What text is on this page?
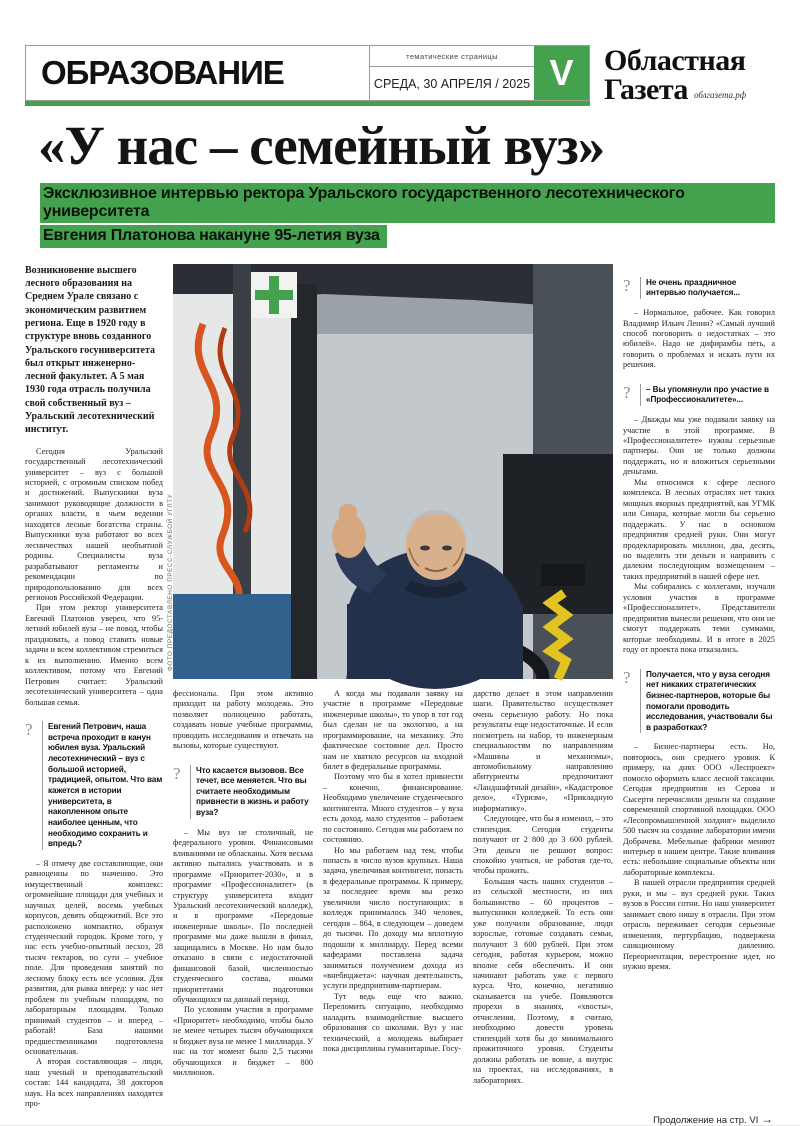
ОБРАЗОВАНИЕ	тематические страницы
СРЕДА, 30 АПРЕЛЯ / 2025 V	Областная
Газета облгазета.рф
«У нас – семейный вуз»
Эксклюзивное интервью ректора Уральского государственного лесотехнического университета
Евгения Платонова накануне 95-летия вуза

Возникновение высшего лесного образования на Среднем Урале связано с экономическим развитием региона. Еще в 1920 году в структуре вновь созданного Уральского госуниверситета был открыт инженерно-лесной факультет. А 5 мая 1930 года отрасль получила свой собственный вуз – Уральский лесотехнический институт.

Сегодня Уральский государственный лесотехнический университет – вуз с большой историей, с огромным списком побед и достижений. Выпускники вуза занимают руководящие должности в органах власти, в чьем ведении находятся лесные богатства страны. Выпускники вуза работают во всех лесничествах нашей необъятной родины. Специалисты вуза разрабатывают регламенты и рекомендации по природопользованию для всех регионов Российской Федерации.

При этом ректор университета Евгений Платонов уверен, что 95-летний юбилей вуза – не повод, чтобы праздновать, а повод ставить новые задачи и всем коллективом стремиться к их выполнению. Именно всем коллективом, потому что Евгений Петрович считает: Уральский лесотехнический университета – одна большая семья.

?	Евгений Петрович, наша встреча проходит в канун юбилея вуза. Уральский лесотехнический – вуз с большой историей, традицией, опытом. Что вам кажется в истории университета, в накопленном опыте наиболее ценным, что необходимо сохранить и впредь?

– Я отмечу две составляющие, они равноценны по значению. Это имущественный комплекс: огромнейшие площади для учебных и научных целей, восемь учебных корпусов, девять общежитий. Все это расположено компактно, образуя студенческий городок. Кроме того, у нас есть учебно-опытный лесхоз, 28 тысяч гектаров, по сути – учебное поле. Для проведения занятий по лесному блоку есть все условия. Для развития, для рывка вперед: у нас нет проблем по учебным площадям, по лабораторным площадям. Только принимай студентов – и вперед – работай! База нашими предшественниками подготовлена основательная.

А вторая составляющая – люди, наш ученый и преподавательский состав: 144 кандидата, 38 докторов наук. На всех направлениях находятся про-

ФОТО ПРЕДОСТАВЛЕНО ПРЕСС-СЛУЖБОЙ УГЛТУ

фессионалы. При этом активно приходит на работу молодежь. Это позволяет полноценно работать, создавать новые учебные программы, проводить исследования и отвечать на вызовы, которые существуют.

?	Что касается вызовов. Все течет, все меняется. Что вы считаете необходимым привнести в жизнь и работу вуза?

– Мы вуз не столичный, не федерального уровня. Финансовыми вливаниями не обласканы. Хотя весьма активно пытались участвовать и в программе «Приоритет-2030», и в программе «Профессионалитет» (в структуру университета входит Уральский лесотехнический колледж), и в программе «Передовые инженерные школы». По последней программе мы даже вышли в финал, защищались в Москве. Но нам было отказано в связи с недостаточной финансовой базой, численностью студенческого состава, иными приоритетами подготовки обучающихся на данный период.

По условиям участия в программе «Приоритет» необходимо, чтобы было не менее четырех тысяч обучающихся и бюджет вуза не менее 1 миллиарда. У нас на тот момент было 2,5 тысячи обучающихся и бюджет – 800 миллионов.

А когда мы подавали заявку на участие в программе «Передовые инженерные школы», то упор в тот год был сделан не на экологию, а на программирование, на механику. Это фактическое состояние дел. Просто нам не хватило ресурсов на входной билет в федеральные программы.

Поэтому что бы я хотел привнести – конечно, финансирование. Необходимо увеличение студенческого контингента. Много студентов – у вуза есть доход, мало студентов – работаем по состоянию. Сегодня мы работаем по состоянию.

Но мы работаем над тем, чтобы попасть в число вузов крупных. Наша задача, увеличивая контингент, попасть в федеральные программы. К примеру, за последнее время мы резко увеличили число поступающих: в колледж принималось 340 человек, сегодня – 864, в следующем – доведем до тысячи. По доходу мы вплотную подошли к миллиарду. Перед всеми кафедрами поставлена задача заниматься получением дохода из «внебюджета»: научная деятельность, услуги предприятиям-партнерам.

Тут ведь еще что важно. Переломить ситуацию, необходимо наладить взаимодействие высшего образования со школами. Вуз у нас технический, а молодежь выбирает пока дисциплины гуманитарные. Госу-

дарство делает в этом направлении шаги. Правительство осуществляет очень серьезную работу. Но пока результаты еще недостаточные. И если посмотреть на набор, то инженерным специальностям по направлениям «Машины и механизмы», автомобильному направлению абитуриенты предпочитают «Ландшафтный дизайн», «Кадастровое дело», «Туризм», «Прикладную информатику».

Следующее, что бы я изменил, – это стипендия. Сегодня студенты получают от 2 800 до 3 600 рублей. Эти деньги не решают вопрос: спокойно учиться, не работая где-то, чтобы прожить.

Большая часть наших студентов – из сельской местности, из них большинство – 60 процентов – выпускники колледжей. То есть они уже получили образование, люди взрослые, готовые создавать семьи, получают 3 600 рублей. При этом сегодня, работая курьером, можно вполне себя обеспечить. И они начинают работать уже с первого курса. Что, конечно, негативно сказывается на учебе. Появляются прорехи в знаниях, «хвосты», отчисления. Поэтому, я считаю, необходимо довести уровень стипендий хотя бы до минимального прожиточного уровня. Студенты должны работать не вовне, а внутри: на проектах, на исследованиях, в лабораториях.

?	Не очень праздничное интервью получается...

– Нормальное, рабочее. Как говорил Владимир Ильич Ленин? «Самый лучший способ поговорить о недостатках – это юбилей». Надо не дифирамбы петь, а говорить о проблемах и искать пути их решения.

?	– Вы упомянули про участие в «Профессионалитете»...

– Дважды мы уже подавали заявку на участие в этой программе. В «Профессионалитете» нужны серьезные партнеры. Они не только должны поддержать, но и вложиться серьезными деньгами.

Мы относимся к сфере лесного комплекса. В лесных отраслях нет таких мощных якорных предприятий, как УГМК или Синара, которые могли бы серьезно поддержать. У нас в основном предприятия средней руки. Они могут продекларировать миллион, два, десять, но выделить эти деньги и направить с далеким последующим возмещением – таких предприятий в нашей сфере нет.

Мы собирались с коллегами, изучали условия участия в программе «Профессионалитет». Представители предприятия вынесли решения, что они не смогут поддержать теми суммами, которые необходимы. И в итоге в 2025 году от проекта пока отказались.

?	Получается, что у вуза сегодня нет никаких стратегических бизнес-партнеров, которые бы помогали проводить исследования, участвовали бы в разработках?

– Бизнес-партнеры есть. Но, повторюсь, они среднего уровня. К примеру, на днях ООО «Леспроект» помогло оформить класс лесной таксации. Сегодня предприятия из Серова и Сысерти перечислили деньги на создание современной спортивной площадки. ООО «Лесопромышленной холдинг» выделило 500 тысяч на создание лаборатории имени Добрачева. Мебельные фабрики меняют интерьер в нашем центре. Такие вливания есть: небольшие социальные объекты или лабораторные комплексы.

В нашей отрасли предприятия средней руки, и мы – вуз средней руки. Таких вузов в России сотни. Но наш университет занимает свою нишу в отрасли. При этом отрасль переживает сегодня серьезные изменения, пертурбацию, подвержена санкционному давлению. Переориентация, перестроение идет, но нужно время.

Продолжение на стр. VI →
